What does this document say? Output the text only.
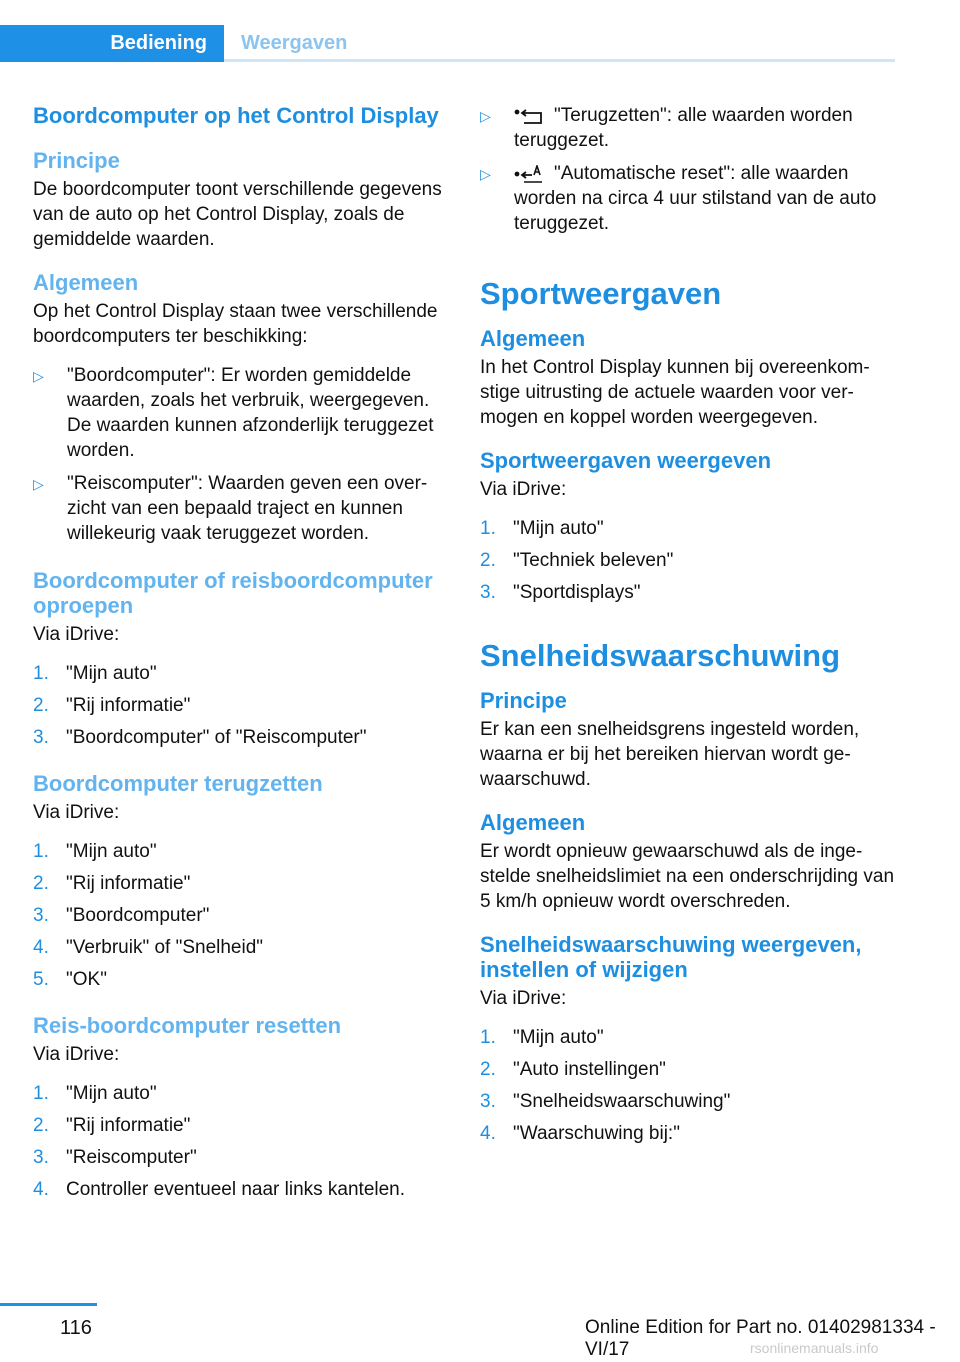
Bediening	Weergaven
Boordcomputer op het Control Display
Principe
De boordcomputer toont verschillende gegevens van de auto op het Control Display, zoals de gemiddelde waarden.
Algemeen
Op het Control Display staan twee verschillende boordcomputers ter beschikking:
▷	"Boordcomputer": Er worden gemiddelde waarden, zoals het verbruik, weergegeven. De waarden kunnen afzonderlijk teruggezet worden.
▷	"Reiscomputer": Waarden geven een overzicht van een bepaald traject en kunnen willekeurig vaak teruggezet worden.
Boordcomputer of reisboordcomputer oproepen
Via iDrive:
1. "Mijn auto"
2. "Rij informatie"
3. "Boordcomputer" of "Reiscomputer"
Boordcomputer terugzetten
Via iDrive:
1. "Mijn auto"
2. "Rij informatie"
3. "Boordcomputer"
4. "Verbruik" of "Snelheid"
5. "OK"
Reis-boordcomputer resetten
Via iDrive:
1. "Mijn auto"
2. "Rij informatie"
3. "Reiscomputer"
4. Controller eventueel naar links kantelen.
▷	"Terugzetten": alle waarden worden teruggezet.
▷	"Automatische reset": alle waarden worden na circa 4 uur stilstand van de auto teruggezet.
Sportweergaven
Algemeen
In het Control Display kunnen bij overeenkomstige uitrusting de actuele waarden voor vermogen en koppel worden weergegeven.
Sportweergaven weergeven
Via iDrive:
1. "Mijn auto"
2. "Techniek beleven"
3. "Sportdisplays"
Snelheidswaarschuwing
Principe
Er kan een snelheidsgrens ingesteld worden, waarna er bij het bereiken hiervan wordt gewaarschuwd.
Algemeen
Er wordt opnieuw gewaarschuwd als de ingestelde snelheidslimiet na een onderschrijding van 5 km/h opnieuw wordt overschreden.
Snelheidswaarschuwing weergeven, instellen of wijzigen
Via iDrive:
1. "Mijn auto"
2. "Auto instellingen"
3. "Snelheidswaarschuwing"
4. "Waarschuwing bij:"
116	Online Edition for Part no. 01402981334 - VI/17	rsonlinemanuals.info
